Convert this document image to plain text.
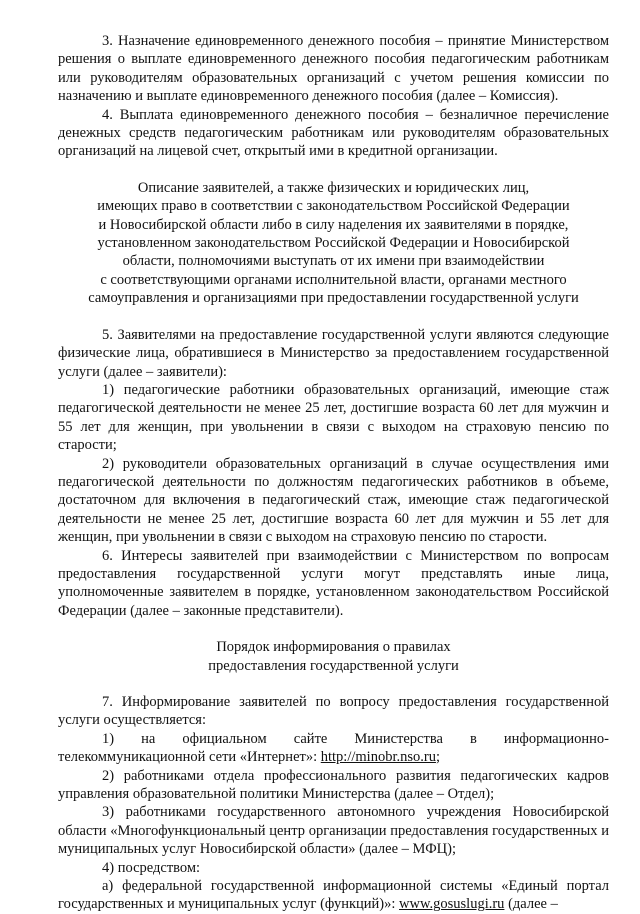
3. Назначение единовременного денежного пособия – принятие Министерством решения о выплате единовременного денежного пособия педагогическим работникам или руководителям образовательных организаций с учетом решения комиссии по назначению и выплате единовременного денежного пособия (далее – Комиссия).

4. Выплата единовременного денежного пособия – безналичное перечисление денежных средств педагогическим работникам или руководителям образовательных организаций на лицевой счет, открытый ими в кредитной организации.

Описание заявителей, а также физических и юридических лиц,
имеющих право в соответствии с законодательством Российской Федерации
и Новосибирской области либо в силу наделения их заявителями в порядке,
установленном законодательством Российской Федерации и Новосибирской
области, полномочиями выступать от их имени при взаимодействии
с соответствующими органами исполнительной власти, органами местного
самоуправления и организациями при предоставлении государственной услуги

5. Заявителями на предоставление государственной услуги являются следующие физические лица, обратившиеся в Министерство за предоставлением государственной услуги (далее – заявители):

1) педагогические работники образовательных организаций, имеющие стаж педагогической деятельности не менее 25 лет, достигшие возраста 60 лет для мужчин и 55 лет для женщин, при увольнении в связи с выходом на страховую пенсию по старости;

2) руководители образовательных организаций в случае осуществления ими педагогической деятельности по должностям педагогических работников в объеме, достаточном для включения в педагогический стаж, имеющие стаж педагогической деятельности не менее 25 лет, достигшие возраста 60 лет для мужчин и 55 лет для женщин, при увольнении в связи с выходом на страховую пенсию по старости.

6. Интересы заявителей при взаимодействии с Министерством по вопросам предоставления государственной услуги могут представлять иные лица, уполномоченные заявителем в порядке, установленном законодательством Российской Федерации (далее – законные представители).

Порядок информирования о правилах
предоставления государственной услуги

7. Информирование заявителей по вопросу предоставления государственной услуги осуществляется:

1) на официальном сайте Министерства в информационно-телекоммуникационной сети «Интернет»: http://minobr.nso.ru;

2) работниками отдела профессионального развития педагогических кадров управления образовательной политики Министерства (далее – Отдел);

3) работниками государственного автономного учреждения Новосибирской области «Многофункциональный центр организации предоставления государственных и муниципальных услуг Новосибирской области» (далее – МФЦ);

4) посредством:

а) федеральной государственной информационной системы «Единый портал государственных и муниципальных услуг (функций)»: www.gosuslugi.ru (далее –
